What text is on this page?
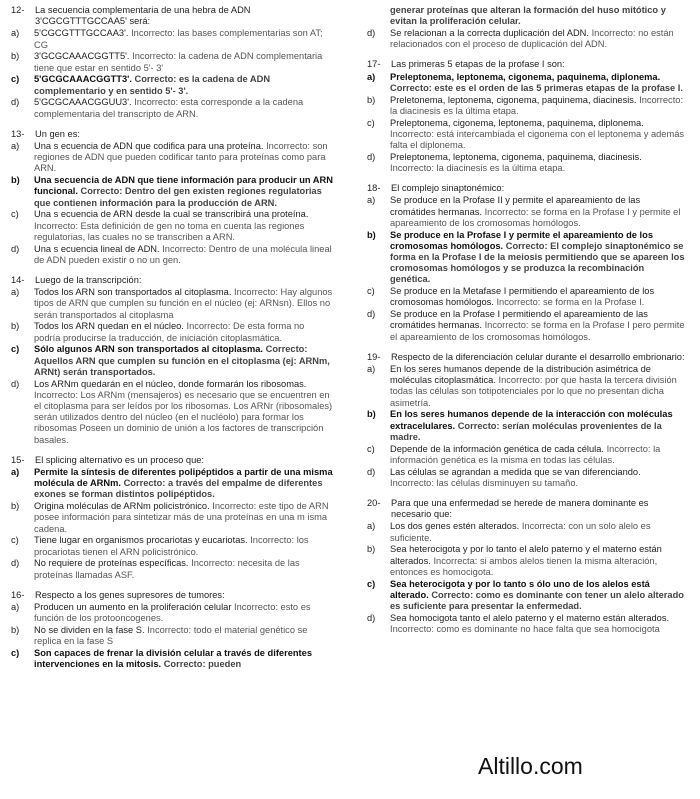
12-	La secuencia complementaria de una hebra de ADN 3'CGCGTTTGCCAA5' será:
a)	5'CGCGTTTGCCAA3'. Incorrecto: las bases complementarias son AT; CG
b)	3'GCGCAAACGGTT5'. Incorrecto: la cadena de ADN complementaria tiene que estar en sentido 5'- 3'
c)	5'GCGCAAACGGTT3'. Correcto: es la cadena de ADN complementario y en sentido 5'- 3'.
d)	5'GCGCAAACGGUU3'. Incorrecto: esta corresponde a la cadena complementaria del transcripto de ARN.
13-	Un gen es:
a)	Una s ecuencia de ADN que codifica para una proteína. Incorrecto: son regiones de ADN que pueden codificar tanto para proteínas como para ARN.
b)	Una secuencia de ADN que tiene información para producir un ARN funcional. Correcto: Dentro del gen existen regiones regulatorias que contienen información para la producción de ARN.
c)	Una s ecuencia de ARN desde la cual se transcribirá una proteína. Incorrecto: Esta definición de gen no toma en cuenta las regiones regulatorias, las cuales no se transcriben a ARN.
d)	Una s ecuencia lineal de ADN. Incorrecto: Dentro de una molécula lineal de ADN pueden existir o no un gen.
14-	Luego de la transcripción:
a)	Todos los ARN son transportados al citoplasma. Incorrecto: Hay algunos tipos de ARN que cumplen su función en el núcleo (ej: ARNsn). Ellos no serán transportados al citoplasma
b)	Todos los ARN quedan en el núcleo. Incorrecto: De esta forma no podría producirse la traducción, de iniciación citoplasmática.
c)	Sólo algunos ARN son transportados al citoplasma. Correcto: Aquellos ARN que cumplen su función en el citoplasma (ej: ARNm, ARNt) serán transportados.
d)	Los ARNm quedarán en el núcleo, donde formarán los ribosomas. Incorrecto: Los ARNm (mensajeros) es necesario que se encuentren en el citoplasma para ser leídos por los ribosomas. Los ARNr (ribosomales) serán utilizados dentro del núcleo (en el nucléolo) para formar los ribosomas Poseen un dominio de unión a los factores de transcripción basales.
15-	El splicing alternativo es un proceso que:
a)	Permite la síntesis de diferentes polipéptidos a partir de una misma molécula de ARNm. Correcto: a través del empalme de diferentes exones se forman distintos polipéptidos.
b)	Origina moléculas de ARNm policistrónico. Incorrecto: este tipo de ARN posee información para sintetizar más de una proteínas en una m isma cadena.
c)	Tiene lugar en organismos procariotas y eucariotas. Incorrecto: los procariotas tienen el ARN policistrónico.
d)	No requiere de proteínas específicas. Incorrecto: necesita de las proteínas llamadas ASF.
16-	Respecto a los genes supresores de tumores:
a)	Producen un aumento en la proliferación celular Incorrecto: esto es función de los protooncogenes.
b)	No se dividen en la fase S. Incorrecto: todo el material genético se replica en la fase S
c)	Son capaces de frenar la división celular a través de diferentes intervenciones en la mitosis. Correcto: pueden
generar proteínas que alteran la formación del huso mitótico y evitan la proliferación celular.
d)	Se relacionan a la correcta duplicación del ADN. Incorrecto: no están relacionados con el proceso de duplicación del ADN.
17-	Las primeras 5 etapas de la profase I son:
a)	Preleptonema, leptonema, cigonema, paquinema, diplonema. Correcto: este es el orden de las 5 primeras etapas de la profase I.
b)	Preletonema, leptonema, cigonema, paquinema, diacinesis. Incorrecto: la diacinesis es la última etapa.
c)	Preleptonema, cigonema, leptonema, paquinema, diplonema. Incorrecto: está intercambiada el cigonema con el leptonema y además falta el diplonema.
d)	Preleptonema, leptonema, cigonema, paquinema, diacinesis. Incorrecto: la diacinesis es la última etapa.
18-	El complejo sinaptonémico:
a)	Se produce en la Profase II y permite el apareamiento de las cromátides hermanas. Incorrecto: se forma en la Profase I y permite el apareamiento de los cromosomas homólogos.
b)	Se produce en la Profase I y permite el apareamiento de los cromosomas homólogos. Correcto: El complejo sinaptonémico se forma en la Profase I de la meiosis permitiendo que se apareen los cromosomas homólogos y se produzca la recombinación genética.
c)	Se produce en la Metafase I permitiendo el apareamiento de los cromosomas homólogos. Incorrecto: se forma en la Profase I.
d)	Se produce en la Profase I permitiendo el apareamiento de las cromátides hermanas. Incorrecto: se forma en la Profase I pero permite el apareamiento de los cromosomas homólogos.
19-	Respecto de la diferenciación celular durante el desarrollo embrionario:
a)	En los seres humanos depende de la distribución asimétrica de moléculas citoplasmática. Incorrecto: por que hasta la tercera división todas las células son totipotenciales por lo que no presentan dicha asimetría.
b)	En los seres humanos depende de la interacción con moléculas extracelulares. Correcto: serían moléculas provenientes de la madre.
c)	Depende de la información genética de cada célula. Incorrecto: la información genética es la misma en todas las células.
d)	Las células se agrandan a medida que se van diferenciando. Incorrecto: las células disminuyen su tamaño.
20-	Para que una enfermedad se herede de manera dominante es necesario que:
a)	Los dos genes estén alterados. Incorrecta: con un solo alelo es suficiente.
b)	Sea heterocigota y por lo tanto el alelo paterno y el materno están alterados. Incorrecta: si ambos alelos tienen la misma alteración, entonces es homocigota.
c)	Sea heterocigota y por lo tanto s ólo uno de los alelos está alterado. Correcto: como es dominante con tener un alelo alterado es suficiente para presentar la enfermedad.
d)	Sea homocigota tanto el alelo paterno y el materno están alterados. Incorrecto: como es dominante no hace falta que sea homocigota
Altillo.com
